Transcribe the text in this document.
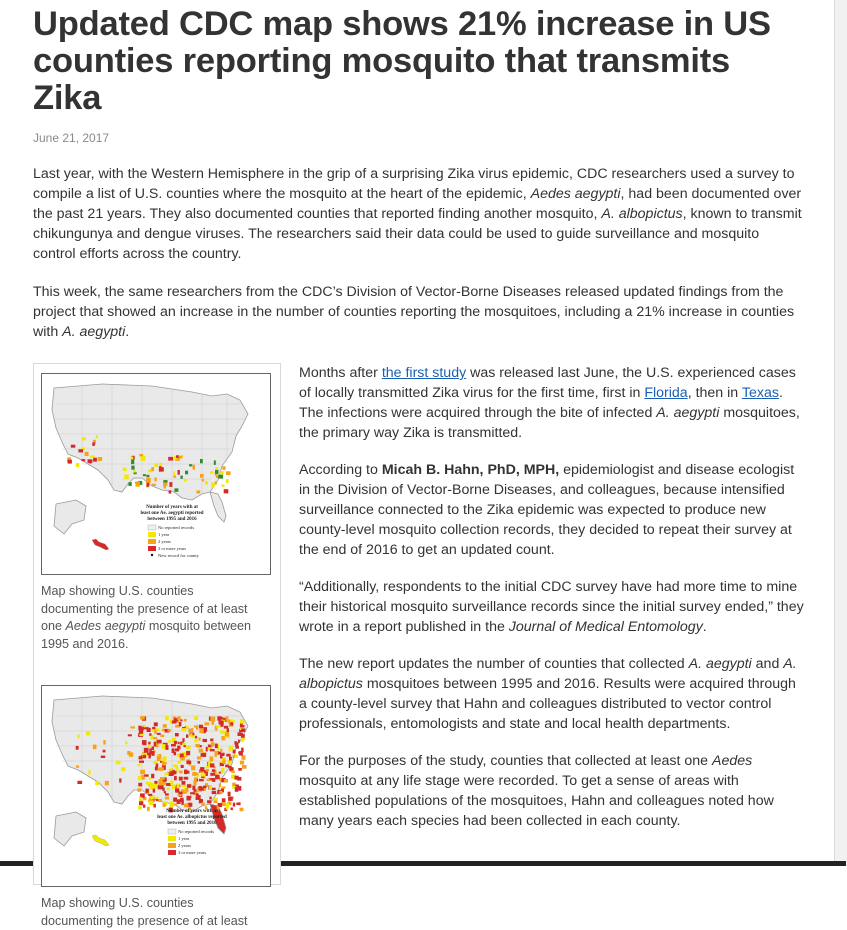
Updated CDC map shows 21% increase in US counties reporting mosquito that transmits Zika
June 21, 2017

Last year, with the Western Hemisphere in the grip of a surprising Zika virus epidemic, CDC researchers used a survey to compile a list of U.S. counties where the mosquito at the heart of the epidemic, Aedes aegypti, had been documented over the past 21 years. They also documented counties that reported finding another mosquito, A. albopictus, known to transmit chikungunya and dengue viruses. The researchers said their data could be used to guide surveillance and mosquito control efforts across the country.

This week, the same researchers from the CDC’s Division of Vector-Borne Diseases released updated findings from the project that showed an increase in the number of counties reporting the mosquitoes, including a 21% increase in counties with A. aegypti.

Number of years with at
least one Ae. aegypti reported
between 1995 and 2016
No reported records
1 year
2 years
3 or more years
New record for county
Map showing U.S. counties documenting the presence of at least one Aedes aegypti mosquito between 1995 and 2016.
Number of years with at
least one Ae. albopictus reported
between 1995 and 2016
No reported records
1 year
2 years
3 or more years
Map showing U.S. counties documenting the presence of at least

Months after the first study was released last June, the U.S. experienced cases of locally transmitted Zika virus for the first time, first in Florida, then in Texas. The infections were acquired through the bite of infected A. aegypti mosquitoes, the primary way Zika is transmitted.

According to Micah B. Hahn, PhD, MPH, epidemiologist and disease ecologist in the Division of Vector-Borne Diseases, and colleagues, because intensified surveillance connected to the Zika epidemic was expected to produce new county-level mosquito collection records, they decided to repeat their survey at the end of 2016 to get an updated count.

“Additionally, respondents to the initial CDC survey have had more time to mine their historical mosquito surveillance records since the initial survey ended,” they wrote in a report published in the Journal of Medical Entomology.

The new report updates the number of counties that collected A. aegypti and A. albopictus mosquitoes between 1995 and 2016. Results were acquired through a county-level survey that Hahn and colleagues distributed to vector control professionals, entomologists and state and local health departments.

For the purposes of the study, counties that collected at least one Aedes mosquito at any life stage were recorded. To get a sense of areas with established populations of the mosquitoes, Hahn and colleagues noted how many years each species had been collected in each county.
